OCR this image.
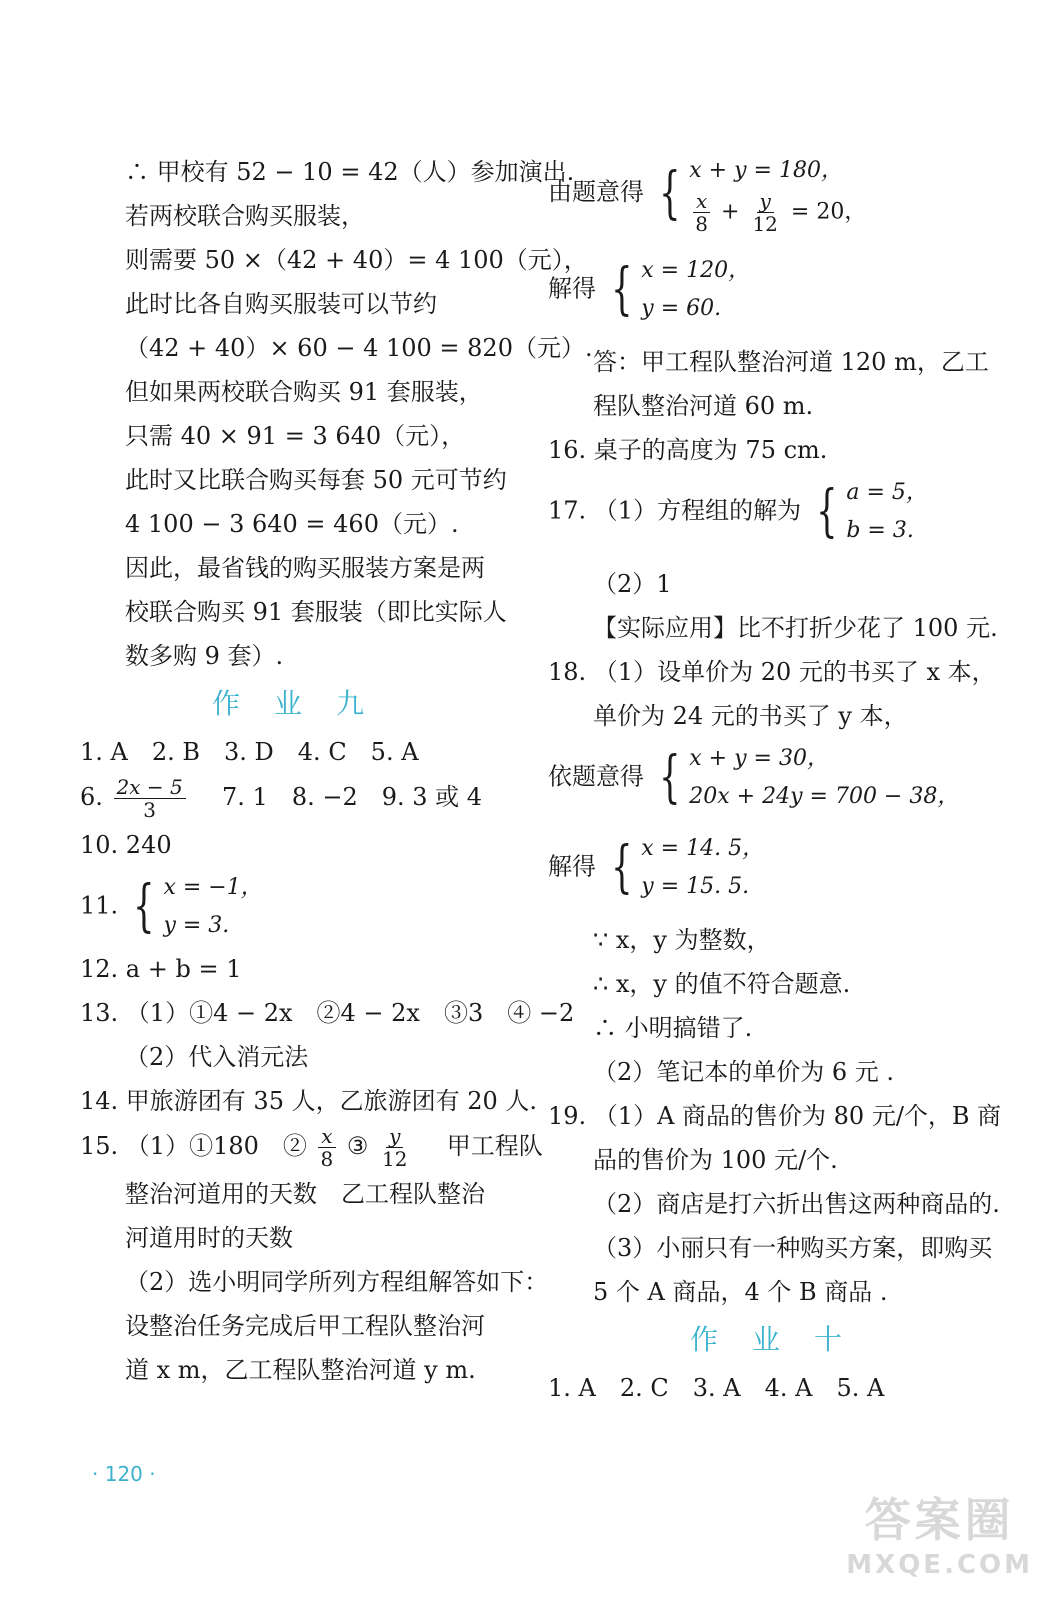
∴ 甲校有 52 − 10 = 42（人）参加演出.
若两校联合购买服装，
则需要 50 ×（42 + 40）= 4 100（元），
此时比各自购买服装可以节约
（42 + 40）× 60 − 4 100 = 820（元）.
但如果两校联合购买 91 套服装，
只需 40 × 91 = 3 640（元），
此时又比联合购买每套 50 元可节约
4 100 − 3 640 = 460（元）.
因此，最省钱的购买服装方案是两
校联合购买 91 套服装（即比实际人
数多购 9 套）.
作业九
1. A　2. B　3. D　4. C　5. A
6. $\frac{2x - 5}{3} 7$. 1　8. −2　9. 3 或 4
10. 240
11. { x = −1，
y = 3.
12. a + b = 1
13. （1）①4 − 2x　②4 − 2x　③3　④ −2
（2）代入消元法
14. 甲旅游团有 35 人，乙旅游团有 20 人.
15. （1）①180　② $\frac{x}{8}$ ③ $\frac{y}{12}$ 甲工程队
整治河道用的天数　乙工程队整治
河道用时的天数
（2）选小明同学所列方程组解答如下：
设整治任务完成后甲工程队整治河
道 x m，乙工程队整治河道 y m.
由题意得 { x + y = 180，
$\frac{x}{8} + \frac{y}{12} = 20$，
解得 { x = 120，
y = 60.
答：甲工程队整治河道 120 m，乙工
程队整治河道 60 m.
16. 桌子的高度为 75 cm.
17. （1）方程组的解为 { a = 5，
b = 3.
（2）1
【实际应用】比不打折少花了 100 元.
18. （1）设单价为 20 元的书买了 x 本，
单价为 24 元的书买了 y 本，
依题意得 { x + y = 30，
20x + 24y = 700 − 38，
解得 { x = 14. 5，
y = 15. 5.
∵ x，y 为整数，
∴ x，y 的值不符合题意.
∴ 小明搞错了.
（2）笔记本的单价为 6 元 .
19. （1）A 商品的售价为 80 元/个，B 商
品的售价为 100 元/个.
（2）商店是打六折出售这两种商品的.
（3）小丽只有一种购买方案，即购买
5 个 A 商品，4 个 B 商品 .
作业十
1. A　2. C　3. A　4. A　5. A
· 120 ·
答案圈
MXQE.COM
